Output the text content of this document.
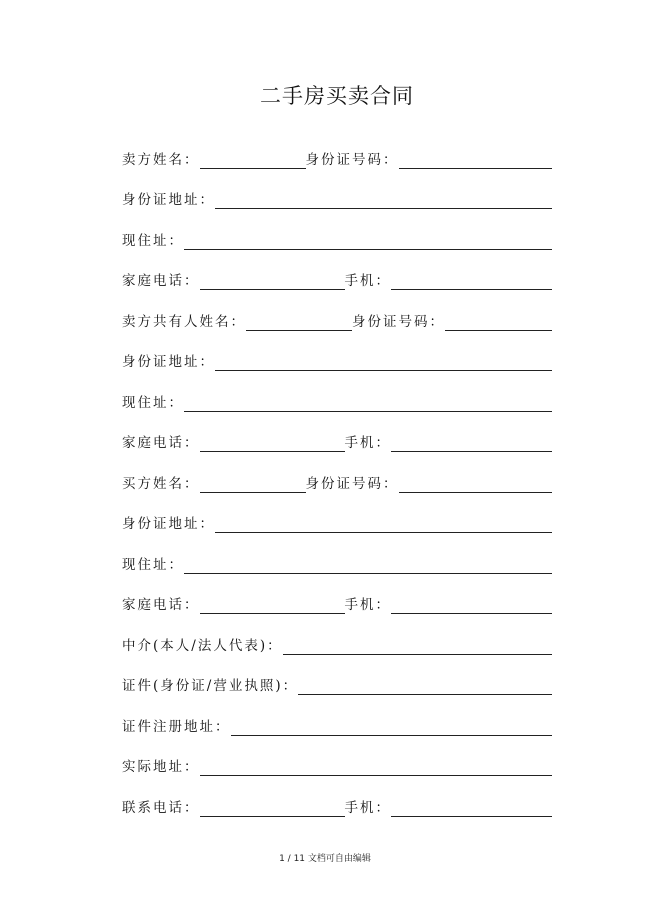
二手房买卖合同
卖方姓名：	身份证号码：
身份证地址：
现住址：
家庭电话：	手机：
卖方共有人姓名：	身份证号码：
身份证地址：
现住址：
家庭电话：	手机：
买方姓名：	身份证号码：
身份证地址：
现住址：
家庭电话：	手机：
中介(本人/法人代表)：
证件(身份证/营业执照)：
证件注册地址：
实际地址：
联系电话：	手机：
1 / 11 文档可自由编辑
